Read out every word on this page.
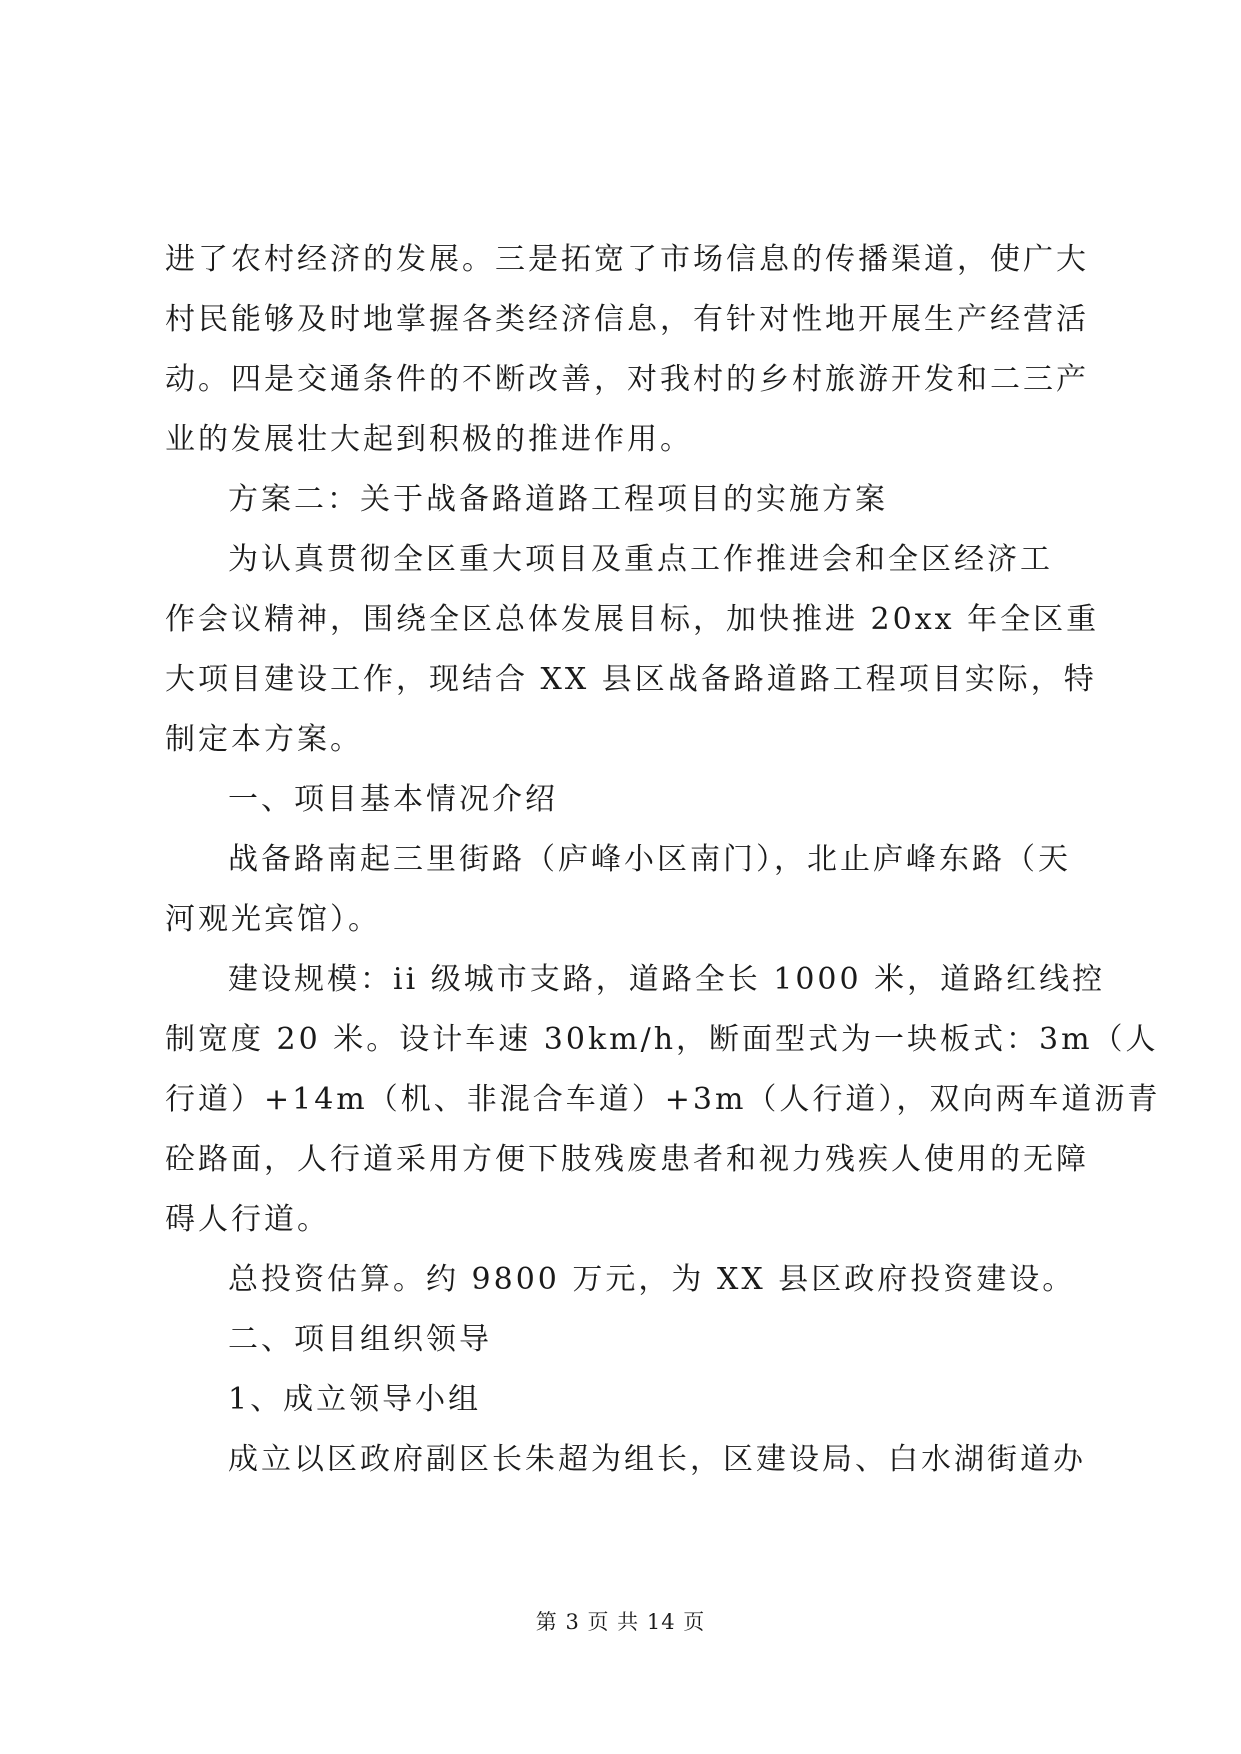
进了农村经济的发展。三是拓宽了市场信息的传播渠道，使广大
村民能够及时地掌握各类经济信息，有针对性地开展生产经营活
动。四是交通条件的不断改善，对我村的乡村旅游开发和二三产
业的发展壮大起到积极的推进作用。
方案二：关于战备路道路工程项目的实施方案
为认真贯彻全区重大项目及重点工作推进会和全区经济工
作会议精神，围绕全区总体发展目标，加快推进 20xx 年全区重
大项目建设工作，现结合 XX 县区战备路道路工程项目实际，特
制定本方案。
一、项目基本情况介绍
战备路南起三里街路（庐峰小区南门），北止庐峰东路（天
河观光宾馆）。
建设规模：ii 级城市支路，道路全长 1000 米，道路红线控
制宽度 20 米。设计车速 30km/h，断面型式为一块板式：3m（人
行道）+14m（机、非混合车道）+3m（人行道），双向两车道沥青
砼路面，人行道采用方便下肢残废患者和视力残疾人使用的无障
碍人行道。
总投资估算。约 9800 万元，为 XX 县区政府投资建设。
二、项目组织领导
1、成立领导小组
成立以区政府副区长朱超为组长，区建设局、白水湖街道办
第 3 页 共 14 页
